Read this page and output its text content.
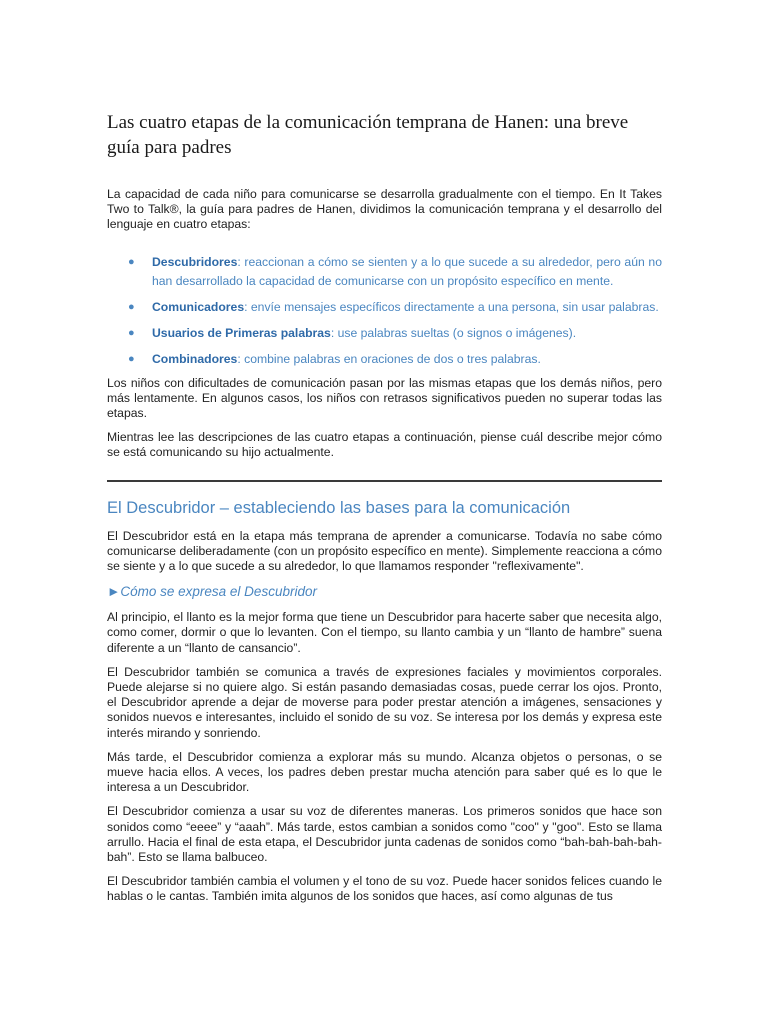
Las cuatro etapas de la comunicación temprana de Hanen: una breve guía para padres

La capacidad de cada niño para comunicarse se desarrolla gradualmente con el tiempo. En It Takes Two to Talk®, la guía para padres de Hanen, dividimos la comunicación temprana y el desarrollo del lenguaje en cuatro etapas:

● Descubridores: reaccionan a cómo se sienten y a lo que sucede a su alrededor, pero aún no han desarrollado la capacidad de comunicarse con un propósito específico en mente.
● Comunicadores: envíe mensajes específicos directamente a una persona, sin usar palabras.
● Usuarios de Primeras palabras: use palabras sueltas (o signos o imágenes).
● Combinadores: combine palabras en oraciones de dos o tres palabras.

Los niños con dificultades de comunicación pasan por las mismas etapas que los demás niños, pero más lentamente. En algunos casos, los niños con retrasos significativos pueden no superar todas las etapas.

Mientras lee las descripciones de las cuatro etapas a continuación, piense cuál describe mejor cómo se está comunicando su hijo actualmente.

El Descubridor – estableciendo las bases para la comunicación

El Descubridor está en la etapa más temprana de aprender a comunicarse. Todavía no sabe cómo comunicarse deliberadamente (con un propósito específico en mente). Simplemente reacciona a cómo se siente y a lo que sucede a su alrededor, lo que llamamos responder "reflexivamente".

►Cómo se expresa el Descubridor

Al principio, el llanto es la mejor forma que tiene un Descubridor para hacerte saber que necesita algo, como comer, dormir o que lo levanten. Con el tiempo, su llanto cambia y un “llanto de hambre” suena diferente a un “llanto de cansancio”.

El Descubridor también se comunica a través de expresiones faciales y movimientos corporales. Puede alejarse si no quiere algo. Si están pasando demasiadas cosas, puede cerrar los ojos. Pronto, el Descubridor aprende a dejar de moverse para poder prestar atención a imágenes, sensaciones y sonidos nuevos e interesantes, incluido el sonido de su voz. Se interesa por los demás y expresa este interés mirando y sonriendo.

Más tarde, el Descubridor comienza a explorar más su mundo. Alcanza objetos o personas, o se mueve hacia ellos. A veces, los padres deben prestar mucha atención para saber qué es lo que le interesa a un Descubridor.

El Descubridor comienza a usar su voz de diferentes maneras. Los primeros sonidos que hace son sonidos como “eeee” y “aaah”. Más tarde, estos cambian a sonidos como "coo" y "goo". Esto se llama arrullo. Hacia el final de esta etapa, el Descubridor junta cadenas de sonidos como “bah-bah-bah-bah-bah”. Esto se llama balbuceo.

El Descubridor también cambia el volumen y el tono de su voz. Puede hacer sonidos felices cuando le hablas o le cantas. También imita algunos de los sonidos que haces, así como algunas de tus
